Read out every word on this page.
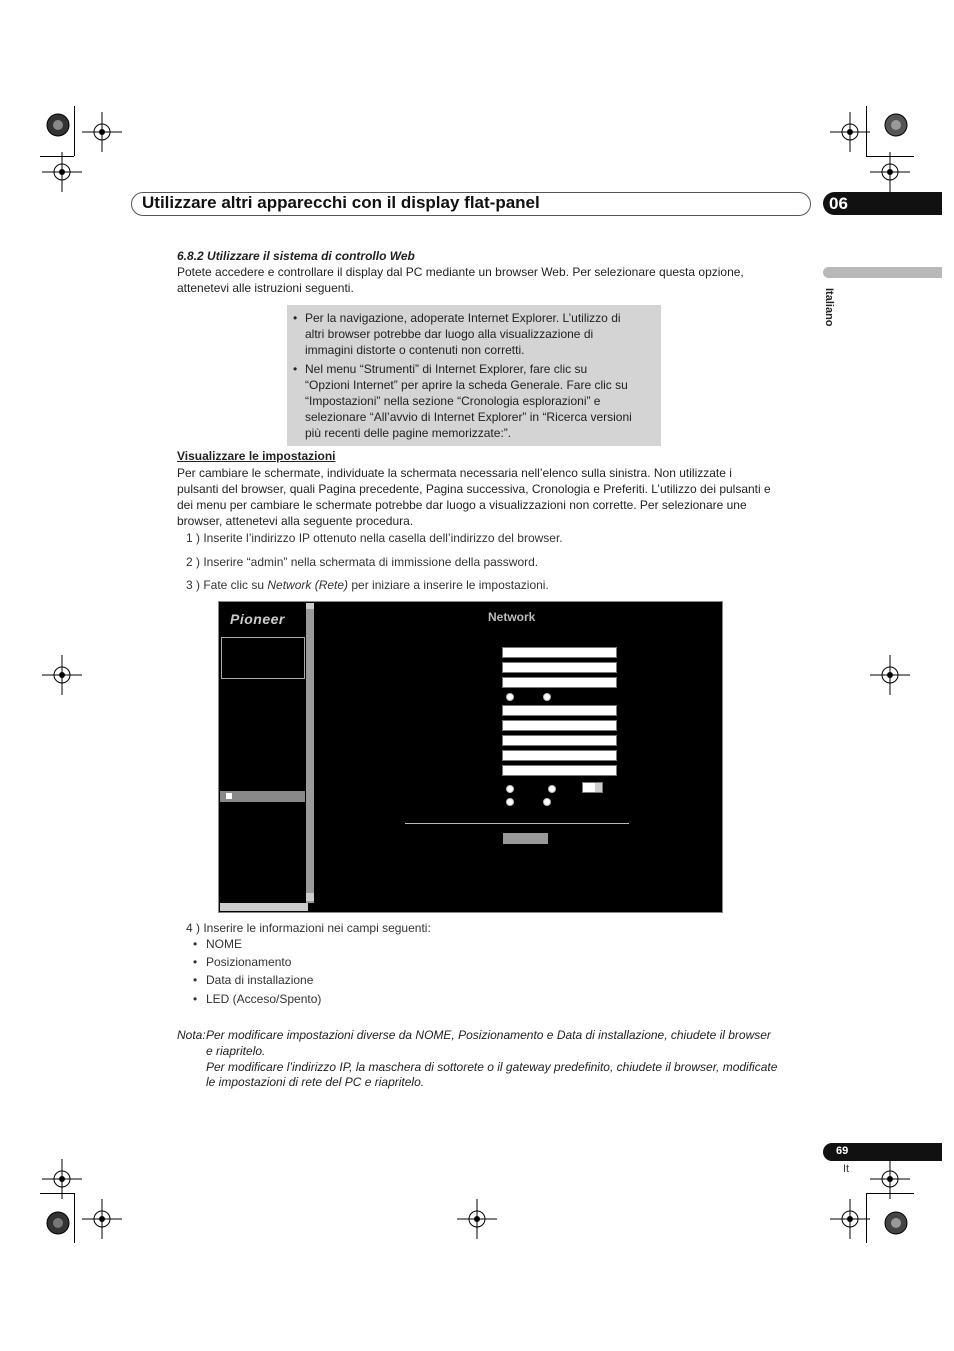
Utilizzare altri apparecchi con il display flat-panel	06
Italiano
6.8.2 Utilizzare il sistema di controllo Web
Potete accedere e controllare il display dal PC mediante un browser Web. Per selezionare questa opzione,
attenetevi alle istruzioni seguenti.
• Per la navigazione, adoperate Internet Explorer. L’utilizzo di
altri browser potrebbe dar luogo alla visualizzazione di
immagini distorte o contenuti non corretti.
• Nel menu “Strumenti” di Internet Explorer, fare clic su
“Opzioni Internet” per aprire la scheda Generale. Fare clic su
“Impostazioni” nella sezione “Cronologia esplorazioni” e
selezionare “All’avvio di Internet Explorer” in “Ricerca versioni
più recenti delle pagine memorizzate:”.
Visualizzare le impostazioni
Per cambiare le schermate, individuate la schermata necessaria nell’elenco sulla sinistra. Non utilizzate i
pulsanti del browser, quali Pagina precedente, Pagina successiva, Cronologia e Preferiti. L’utilizzo dei pulsanti e
dei menu per cambiare le schermate potrebbe dar luogo a visualizzazioni non corrette. Per selezionare une
browser, attenetevi alla seguente procedura.
1 ) Inserite l’indirizzo IP ottenuto nella casella dell’indirizzo del browser.
2 ) Inserire “admin” nella schermata di immissione della password.
3 ) Fate clic su Network (Rete) per iniziare a inserire le impostazioni.
Pioneer	Network
4 ) Inserire le informazioni nei campi seguenti:
• NOME
• Posizionamento
• Data di installazione
• LED (Acceso/Spento)
Nota: Per modificare impostazioni diverse da NOME, Posizionamento e Data di installazione, chiudete il browser
e riapritelo.
Per modificare l’indirizzo IP, la maschera di sottorete o il gateway predefinito, chiudete il browser, modificate
le impostazioni di rete del PC e riapritelo.
69
It
